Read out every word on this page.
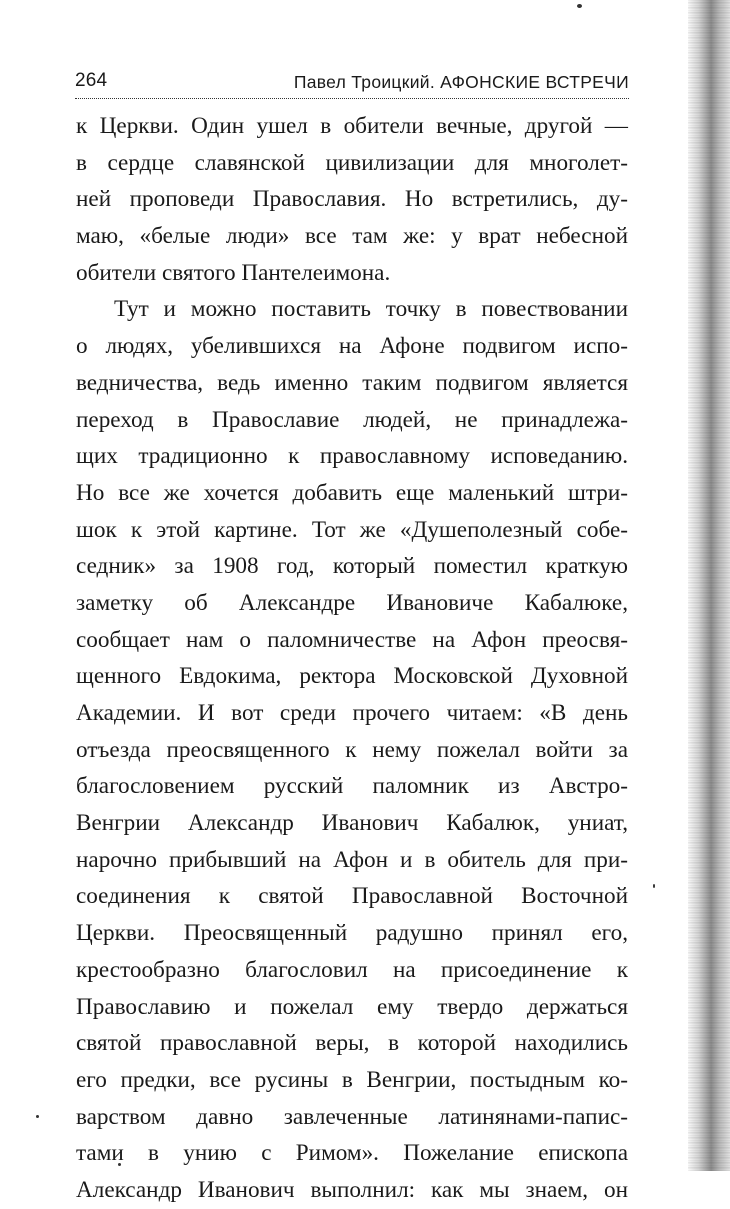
264	Павел Троицкий. АФОНСКИЕ ВСТРЕЧИ
к Церкви. Один ушел в обители вечные, другой —
в сердце славянской цивилизации для многолет-
ней проповеди Православия. Но встретились, ду-
маю, «белые люди» все там же: у врат небесной
обители святого Пантелеимона.
Тут и можно поставить точку в повествовании
о людях, убелившихся на Афоне подвигом испо-
ведничества, ведь именно таким подвигом является
переход в Православие людей, не принадлежа-
щих традиционно к православному исповеданию.
Но все же хочется добавить еще маленький штри-
шок к этой картине. Тот же «Душеполезный собе-
седник» за 1908 год, который поместил краткую
заметку об Александре Ивановиче Кабалюке,
сообщает нам о паломничестве на Афон преосвя-
щенного Евдокима, ректора Московской Духовной
Академии. И вот среди прочего читаем: «В день
отъезда преосвященного к нему пожелал войти за
благословением русский паломник из Австро-
Венгрии Александр Иванович Кабалюк, униат,
нарочно прибывший на Афон и в обитель для при-
соединения к святой Православной Восточной
Церкви. Преосвященный радушно принял его,
крестообразно благословил на присоединение к
Православию и пожелал ему твердо держаться
святой православной веры, в которой находились
его предки, все русины в Венгрии, постыдным ко-
варством давно завлеченные латинянами-папис-
тами в унию с Римом». Пожелание епископа
Александр Иванович выполнил: как мы знаем, он
